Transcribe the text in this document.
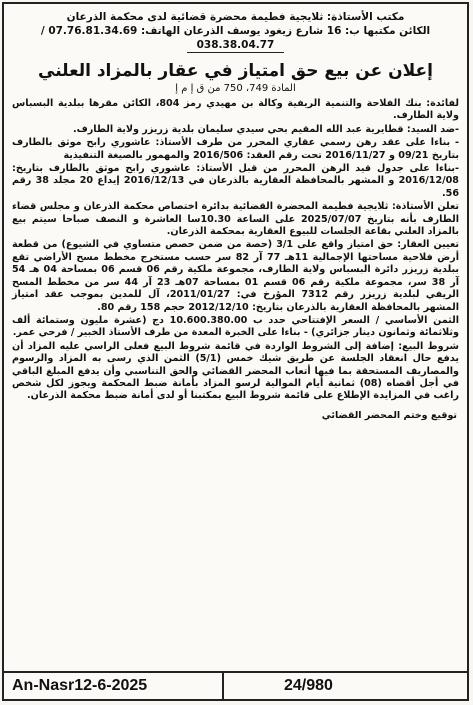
مكتب الأستاذة: ثلايجية فطيمة محضرة قضائية لدى محكمة الذرعان
الكائن مكتبها ب: 16 شارع زيغود يوسف الذرعان الهاتف: 07.76.81.34.69 /
038.38.04.77
إعلان عن بيع حق امتياز في عقار بالمزاد العلني
المادة 749، 750 من ق إ م إ

لفائدة: بنك الفلاحة والتنمية الريفية وكالة بن مهيدي رمز 804، الكائن مقرها ببلدية البسباس ولاية الطارف.

-ضد السيد: قطايرية عبد الله المقيم بحي سيدي سليمان بلدية زريزر ولاية الطارف.

- بناءا على عقد رهن رسمي عقاري المحرر من طرف الأستاذ: عاشوري رابح موثق بالطارف بتاريخ 09/21 و 2016/11/27 تحت رقم العقد: 2016/506 والمهمور بالصيغة التنفيذية

-بناءا على جدول قيد الرهن المحرر من قبل الأستاذ: عاشوري رابح موثق بالطارف بتاريخ: 2016/12/08 و المشهر بالمحافظة العقارية بالذرعان في 2016/12/13 إيداع 20 مجلد 38 رقم 56.

تعلن الأستاذة: ثلايجية فطيمة المحضرة القضائية بدائرة اختصاص محكمة الذرعان و مجلس قضاء الطارف بأنه بتاريخ 2025/07/07 على الساعة 10.30سا العاشرة و النصف صباحا سيتم بيع بالمزاد العلني بقاعة الجلسات للبيوع العقارية بمحكمة الذرعان.

تعيين العقار: حق امتياز واقع على 3/1 (حصة من ضمن حصص متساوي في الشيوع) من قطعة أرض فلاحية مساحتها الإجمالية 11هـ 77 آر 82 سر حسب مستخرج مخطط مسح الأراضي تقع ببلدية زريزر دائرة البسباس ولاية الطارف، مجموعة ملكية رقم 06 قسم 06 بمساحة 04 هـ 54 آر 38 سر، مجموعة ملكية رقم 06 قسم 01 بمساحة 07هـ 23 آر 44 سر من مخطط المسح الريفي لبلدية زريزر رقم 7312 المؤرخ في: 2011/01/27، آل للمدين بموجب عقد امتياز المشهر بالمحافظة العقارية بالذرعان بتاريخ: 2012/12/10 حجم 158 رقم 80.

الثمن الأساسي / السعر الإفتتاحي حدد ب 10.600.380.00 دج (عشرة مليون وستمائة ألف وثلاثمائة وثمانون دينار جزائري) - بناءا على الخبرة المعدة من طرف الأستاذ الخبير / فرحي عمر.

شروط البيع: إضافة إلى الشروط الواردة في قائمة شروط البيع فعلى الراسي عليه المزاد أن يدفع حال انعقاد الجلسة عن طريق شيك خمس (5/1) الثمن الذي رسى به المزاد والرسوم والمصاريف المستحقة بما فيها أتعاب المحضر القضائي والحق التناسبي وأن يدفع المبلغ الباقي في أجل أقصاه (08) ثمانية أيام الموالية لرسو المزاد بأمانة ضبط المحكمة ويجوز لكل شخص راغب في المزايدة الإطلاع على قائمة شروط البيع بمكتبنا أو لدى أمانة ضبط محكمة الذرعان.

توقيع وختم المحضر القضائي
An-Nasr12-6-2025	24/980
